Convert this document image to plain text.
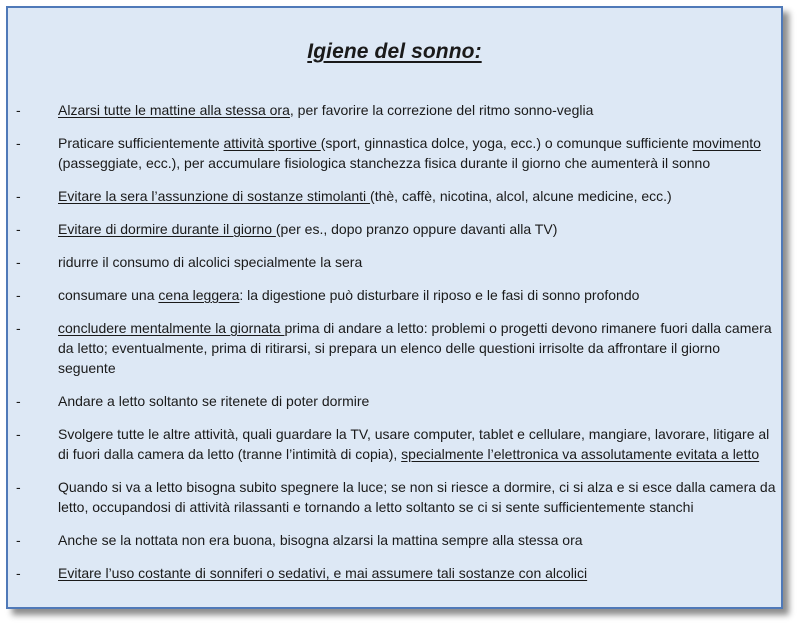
Igiene del sonno:
-	Alzarsi tutte le mattine alla stessa ora, per favorire la correzione del ritmo sonno-veglia
-	Praticare sufficientemente attività sportive (sport, ginnastica dolce, yoga, ecc.) o comunque sufficiente movimento (passeggiate, ecc.), per accumulare fisiologica stanchezza fisica durante il giorno che aumenterà il sonno
-	Evitare la sera l’assunzione di sostanze stimolanti (thè, caffè, nicotina, alcol, alcune medicine, ecc.)
-	Evitare di dormire durante il giorno (per es., dopo pranzo oppure davanti alla TV)
-	ridurre il consumo di alcolici specialmente la sera
-	consumare una cena leggera: la digestione può disturbare il riposo e le fasi di sonno profondo
-	concludere mentalmente la giornata prima di andare a letto: problemi o progetti devono rimanere fuori dalla camera da letto; eventualmente, prima di ritirarsi, si prepara un elenco delle questioni irrisolte da affrontare il giorno seguente
-	Andare a letto soltanto se ritenete di poter dormire
-	Svolgere tutte le altre attività, quali guardare la TV, usare computer, tablet e cellulare, mangiare, lavorare, litigare al di fuori dalla camera da letto (tranne l’intimità di copia), specialmente l’elettronica va assolutamente evitata a letto
-	Quando si va a letto bisogna subito spegnere la luce; se non si riesce a dormire, ci si alza e si esce dalla camera da letto, occupandosi di attività rilassanti e tornando a letto soltanto se ci si sente sufficientemente stanchi
-	Anche se la nottata non era buona, bisogna alzarsi la mattina sempre alla stessa ora
-	Evitare l’uso costante di sonniferi o sedativi, e mai assumere tali sostanze con alcolici
